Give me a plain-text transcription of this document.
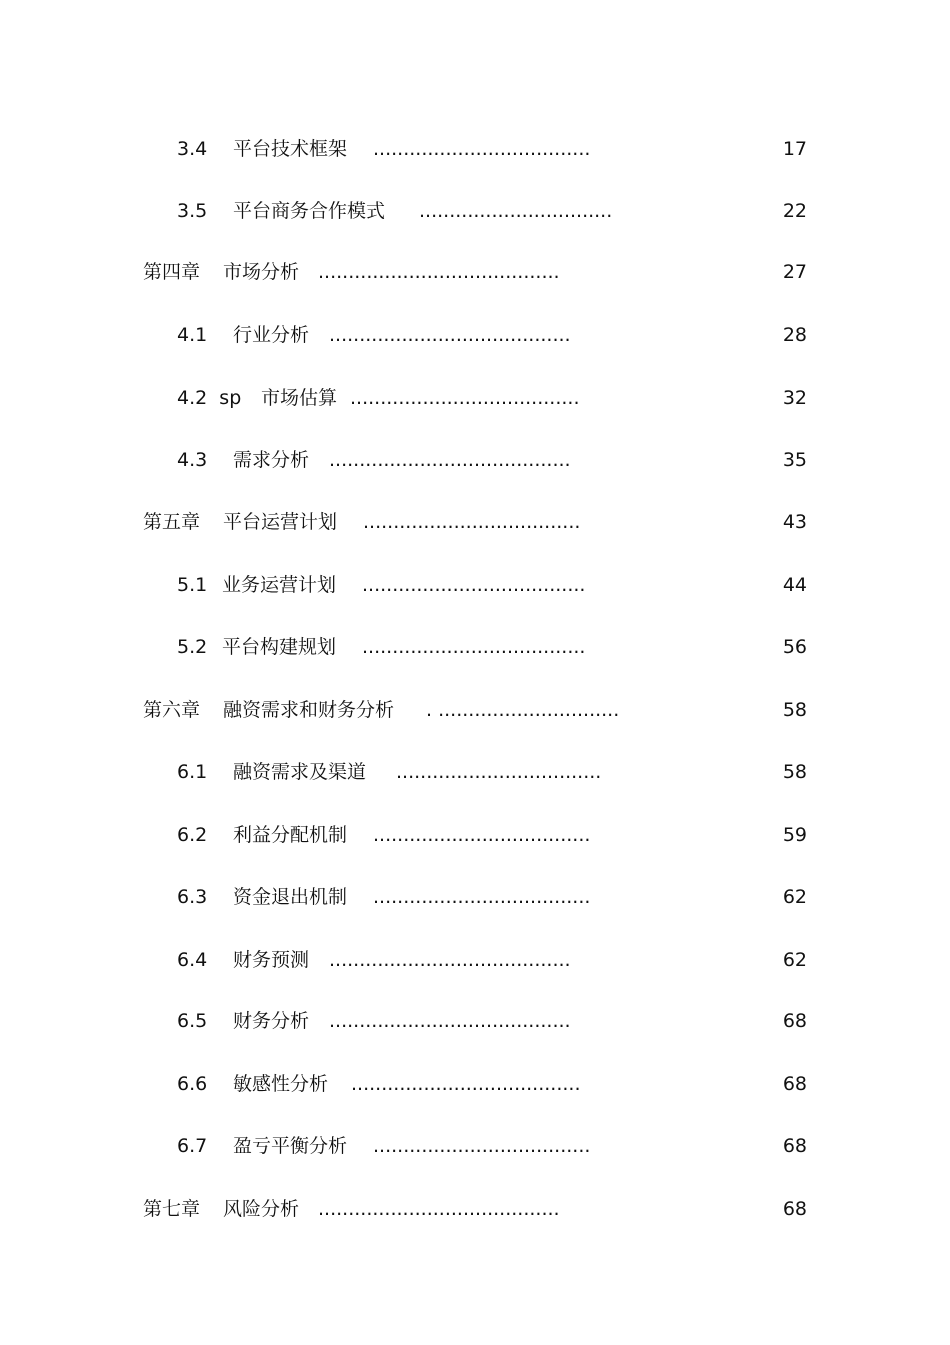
3.4 平台技术框架 ....................................	17
3.5 平台商务合作模式 ................................	22
第四章 市场分析 ........................................	27
4.1 行业分析 ........................................	28
4.2  sp 市场估算 ......................................	32
4.3 需求分析 ........................................	35
第五章 平台运营计划 ....................................	43
5.1 业务运营计划 .....................................	44
5.2 平台构建规划 .....................................	56
第六章 融资需求和财务分析 . ..............................	58
6.1 融资需求及渠道 ..................................	58
6.2 利益分配机制 ....................................	59
6.3 资金退出机制 ....................................	62
6.4 财务预测 ........................................	62
6.5 财务分析 ........................................	68
6.6 敏感性分析 ......................................	68
6.7 盈亏平衡分析 ....................................	68
第七章 风险分析 ........................................	68
